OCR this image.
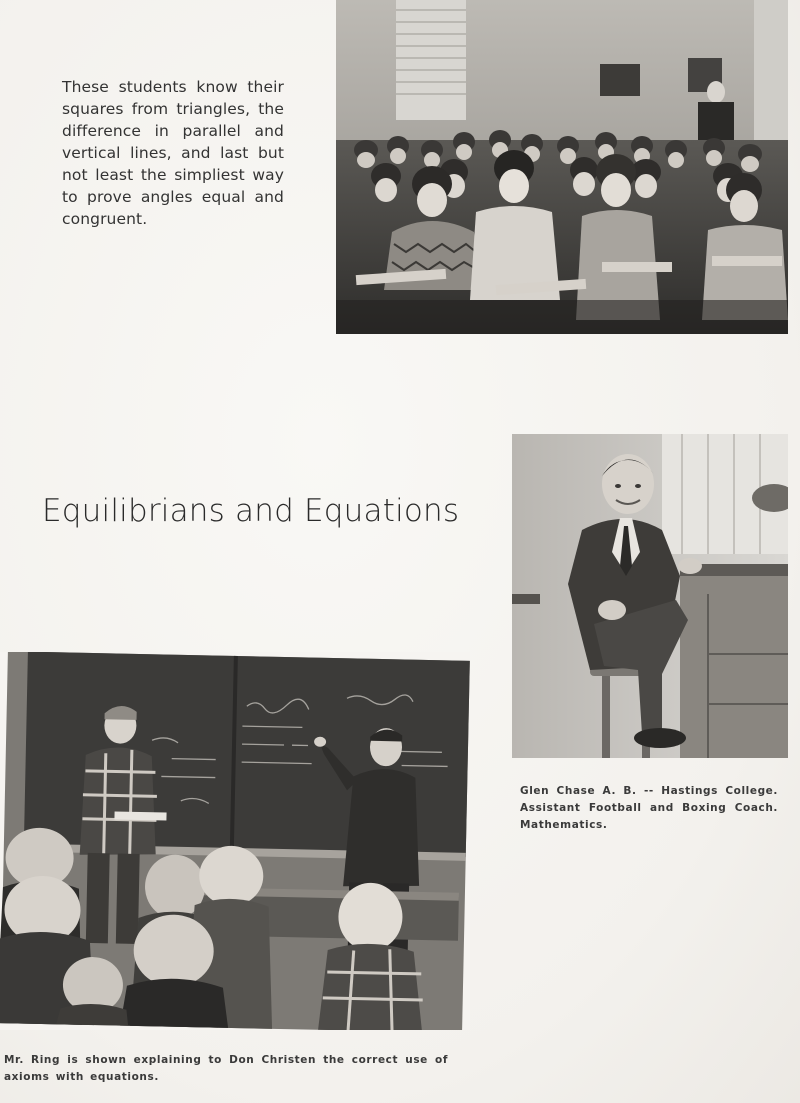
These students know their squares from triangles, the difference in parallel and vertical lines, and last but not least the simpliest way to prove angles equal and congruent.

Equilibrians and Equations

Glen Chase A. B. -- Hastings College. Assistant Football and Boxing Coach. Mathematics.

Mr. Ring is shown explaining to Don Christen the correct use of axioms with equations.
